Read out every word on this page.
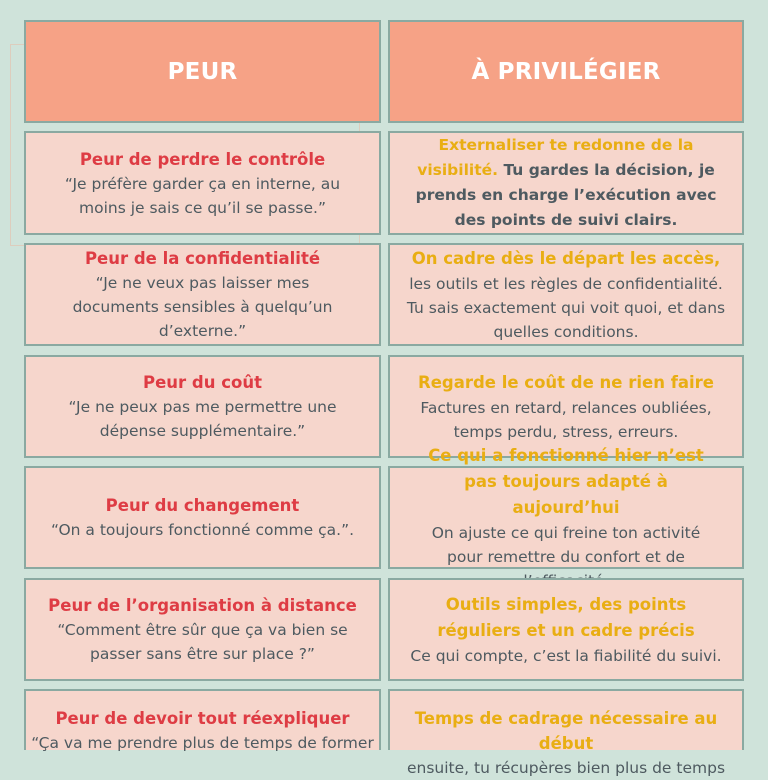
PEUR	À PRIVILÉGIER
Peur de perdre le contrôle
“Je préfère garder ça en interne, au moins je sais ce qu’il se passe.”
Externaliser te redonne de la visibilité. Tu gardes la décision, je prends en charge l’exécution avec des points de suivi clairs.
Peur de la confidentialité
“Je ne veux pas laisser mes documents sensibles à quelqu’un d’externe.”
On cadre dès le départ les accès,
les outils et les règles de confidentialité. Tu sais exactement qui voit quoi, et dans quelles conditions.
Peur du coût
“Je ne peux pas me permettre une dépense supplémentaire.”
Regarde le coût de ne rien faire
Factures en retard, relances oubliées, temps perdu, stress, erreurs.
Peur du changement
“On a toujours fonctionné comme ça.”.
Ce qui a fonctionné hier n’est pas toujours adapté à aujourd’hui
On ajuste ce qui freine ton activité pour remettre du confort et de
Peur de l’organisation à distance
“Comment être sûr que ça va bien se passer sans être sur place ?”
Outils simples, des points réguliers et un cadre précis
Ce qui compte, c’est la fiabilité du suivi.
Peur de devoir tout réexpliquer
“Ça va me prendre plus de temps de former
Temps de cadrage nécessaire au début
ensuite, tu récupères bien plus de temps
